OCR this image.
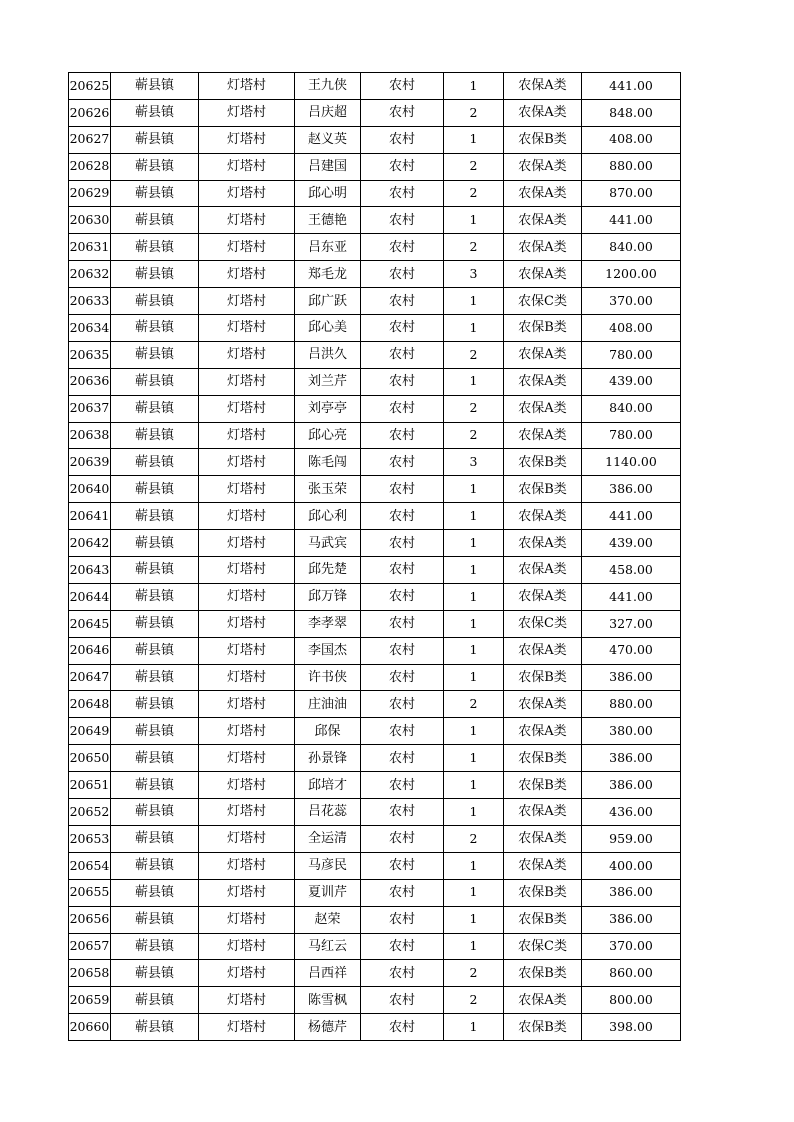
20625	蕲县镇	灯塔村	王九侠	农村	1	农保A类	441.00
20626	蕲县镇	灯塔村	吕庆超	农村	2	农保A类	848.00
20627	蕲县镇	灯塔村	赵义英	农村	1	农保B类	408.00
20628	蕲县镇	灯塔村	吕建国	农村	2	农保A类	880.00
20629	蕲县镇	灯塔村	邱心明	农村	2	农保A类	870.00
20630	蕲县镇	灯塔村	王德艳	农村	1	农保A类	441.00
20631	蕲县镇	灯塔村	吕东亚	农村	2	农保A类	840.00
20632	蕲县镇	灯塔村	郑毛龙	农村	3	农保A类	1200.00
20633	蕲县镇	灯塔村	邱广跃	农村	1	农保C类	370.00
20634	蕲县镇	灯塔村	邱心美	农村	1	农保B类	408.00
20635	蕲县镇	灯塔村	吕洪久	农村	2	农保A类	780.00
20636	蕲县镇	灯塔村	刘兰芹	农村	1	农保A类	439.00
20637	蕲县镇	灯塔村	刘亭亭	农村	2	农保A类	840.00
20638	蕲县镇	灯塔村	邱心亮	农村	2	农保A类	780.00
20639	蕲县镇	灯塔村	陈毛闯	农村	3	农保B类	1140.00
20640	蕲县镇	灯塔村	张玉荣	农村	1	农保B类	386.00
20641	蕲县镇	灯塔村	邱心利	农村	1	农保A类	441.00
20642	蕲县镇	灯塔村	马武宾	农村	1	农保A类	439.00
20643	蕲县镇	灯塔村	邱先楚	农村	1	农保A类	458.00
20644	蕲县镇	灯塔村	邱万锋	农村	1	农保A类	441.00
20645	蕲县镇	灯塔村	李孝翠	农村	1	农保C类	327.00
20646	蕲县镇	灯塔村	李国杰	农村	1	农保A类	470.00
20647	蕲县镇	灯塔村	许书侠	农村	1	农保B类	386.00
20648	蕲县镇	灯塔村	庄油油	农村	2	农保A类	880.00
20649	蕲县镇	灯塔村	邱保	农村	1	农保A类	380.00
20650	蕲县镇	灯塔村	孙景锋	农村	1	农保B类	386.00
20651	蕲县镇	灯塔村	邱培才	农村	1	农保B类	386.00
20652	蕲县镇	灯塔村	吕花蕊	农村	1	农保A类	436.00
20653	蕲县镇	灯塔村	全运清	农村	2	农保A类	959.00
20654	蕲县镇	灯塔村	马彦民	农村	1	农保A类	400.00
20655	蕲县镇	灯塔村	夏训芹	农村	1	农保B类	386.00
20656	蕲县镇	灯塔村	赵荣	农村	1	农保B类	386.00
20657	蕲县镇	灯塔村	马红云	农村	1	农保C类	370.00
20658	蕲县镇	灯塔村	吕西祥	农村	2	农保B类	860.00
20659	蕲县镇	灯塔村	陈雪枫	农村	2	农保A类	800.00
20660	蕲县镇	灯塔村	杨德芹	农村	1	农保B类	398.00
